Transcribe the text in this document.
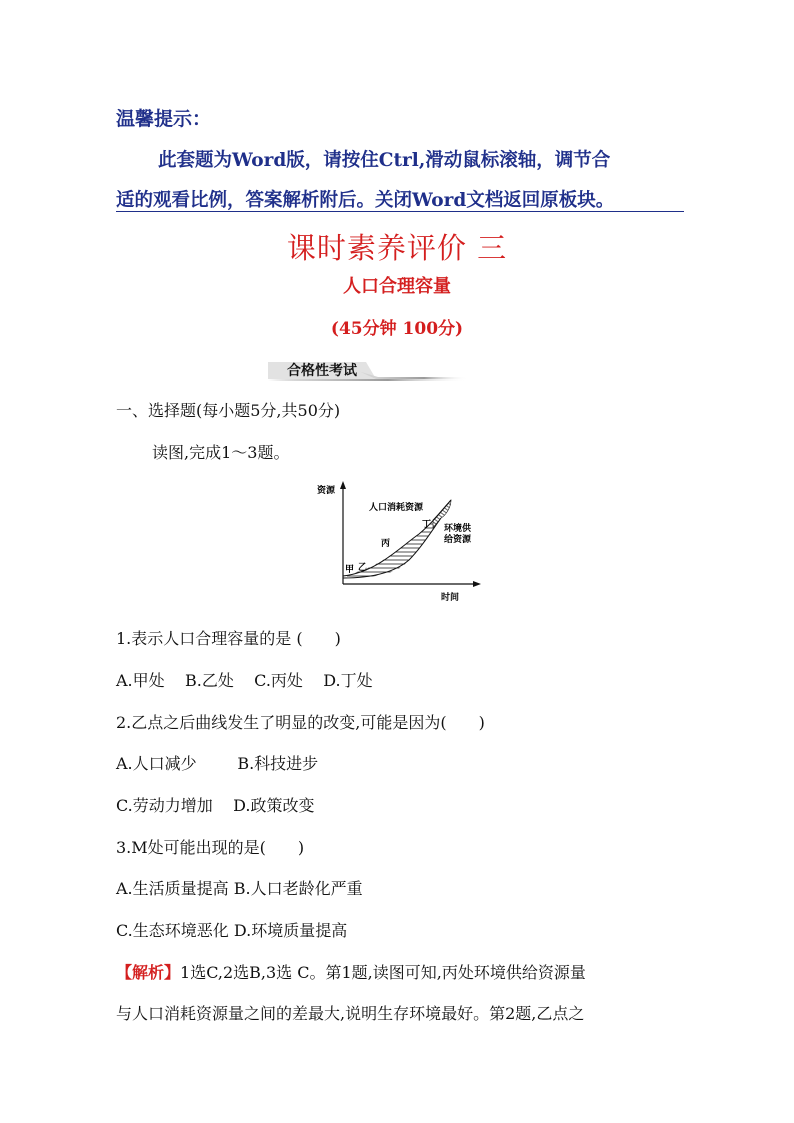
温馨提示：
此套题为Word版，请按住Ctrl,滑动鼠标滚轴，调节合
适的观看比例，答案解析附后。关闭Word文档返回原板块。
课时素养评价 三
人口合理容量
(45分钟 100分)
合格性考试
一、选择题(每小题5分,共50分)
读图,完成1～3题。
资源
时间
人口消耗资源
环境供
给资源
甲 乙
丙
丁
1.表示人口合理容量的是 (　　)
A.甲处    B.乙处    C.丙处    D.丁处
2.乙点之后曲线发生了明显的改变,可能是因为(　　)
A.人口减少        B.科技进步
C.劳动力增加    D.政策改变
3.M处可能出现的是(　　)
A.生活质量提高 B.人口老龄化严重
C.生态环境恶化 D.环境质量提高
【解析】1选C,2选B,3选 C。第1题,读图可知,丙处环境供给资源量
与人口消耗资源量之间的差最大,说明生存环境最好。第2题,乙点之
